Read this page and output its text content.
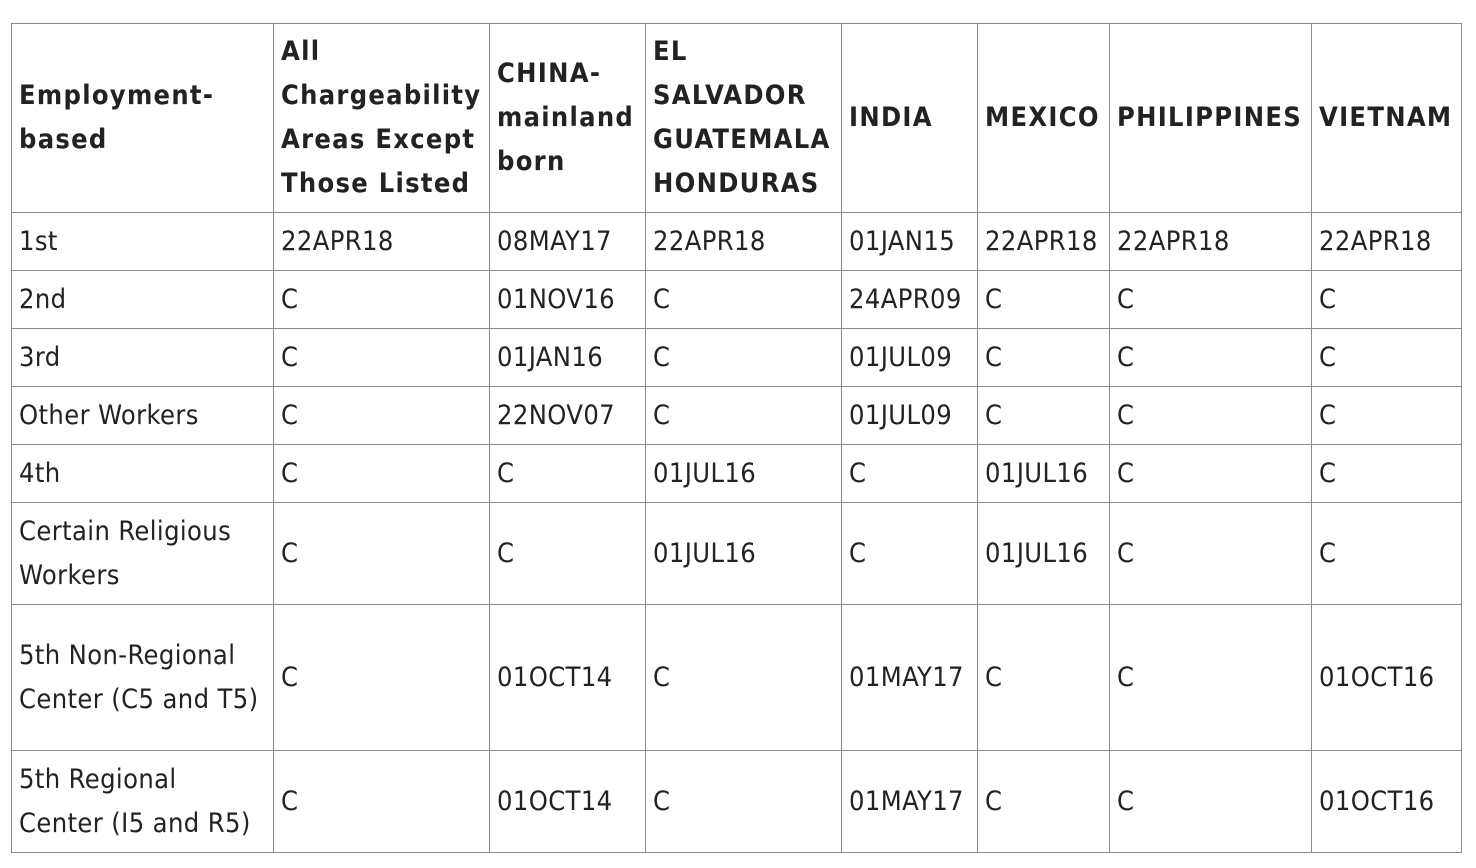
Employment-based	All Chargeability Areas Except Those Listed	CHINA-mainland born	EL SALVADOR GUATEMALA HONDURAS	INDIA	MEXICO	PHILIPPINES	VIETNAM
1st	22APR18	08MAY17	22APR18	01JAN15	22APR18	22APR18	22APR18
2nd	C	01NOV16	C	24APR09	C	C	C
3rd	C	01JAN16	C	01JUL09	C	C	C
Other Workers	C	22NOV07	C	01JUL09	C	C	C
4th	C	C	01JUL16	C	01JUL16	C	C
Certain Religious Workers	C	C	01JUL16	C	01JUL16	C	C
5th Non-Regional Center (C5 and T5)	C	01OCT14	C	01MAY17	C	C	01OCT16
5th Regional Center (I5 and R5)	C	01OCT14	C	01MAY17	C	C	01OCT16
